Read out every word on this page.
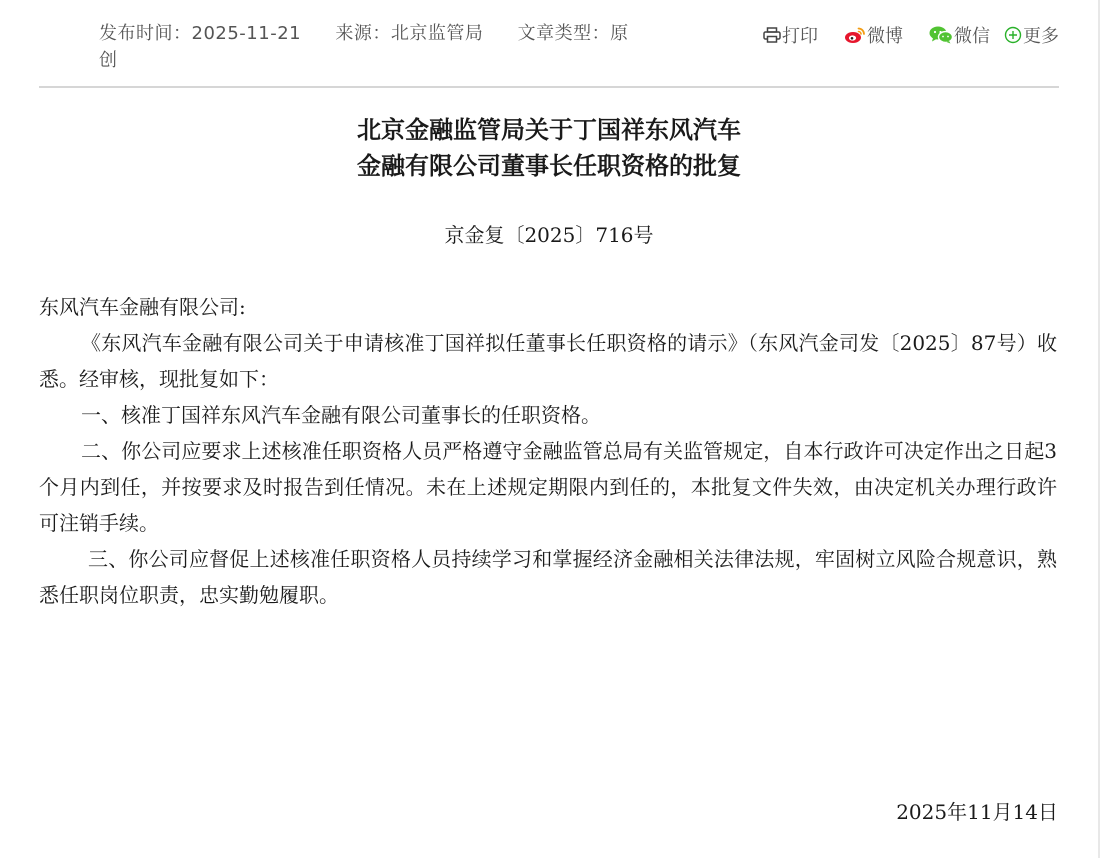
发布时间：2025-11-21 来源：北京监管局 文章类型：原创
打印	微博	微信 更多
北京金融监管局关于丁国祥东风汽车
金融有限公司董事长任职资格的批复
京金复〔2025〕716号

东风汽车金融有限公司:

《东风汽车金融有限公司关于申请核准丁国祥拟任董事长任职资格的请示》（东风汽金司发〔2025〕87号）收悉。经审核，现批复如下：

一、核准丁国祥东风汽车金融有限公司董事长的任职资格。

二、你公司应要求上述核准任职资格人员严格遵守金融监管总局有关监管规定，自本行政许可决定作出之日起3个月内到任，并按要求及时报告到任情况。未在上述规定期限内到任的，本批复文件失效，由决定机关办理行政许可注销手续。

三、你公司应督促上述核准任职资格人员持续学习和掌握经济金融相关法律法规，牢固树立风险合规意识，熟悉任职岗位职责，忠实勤勉履职。

2025年11月14日
